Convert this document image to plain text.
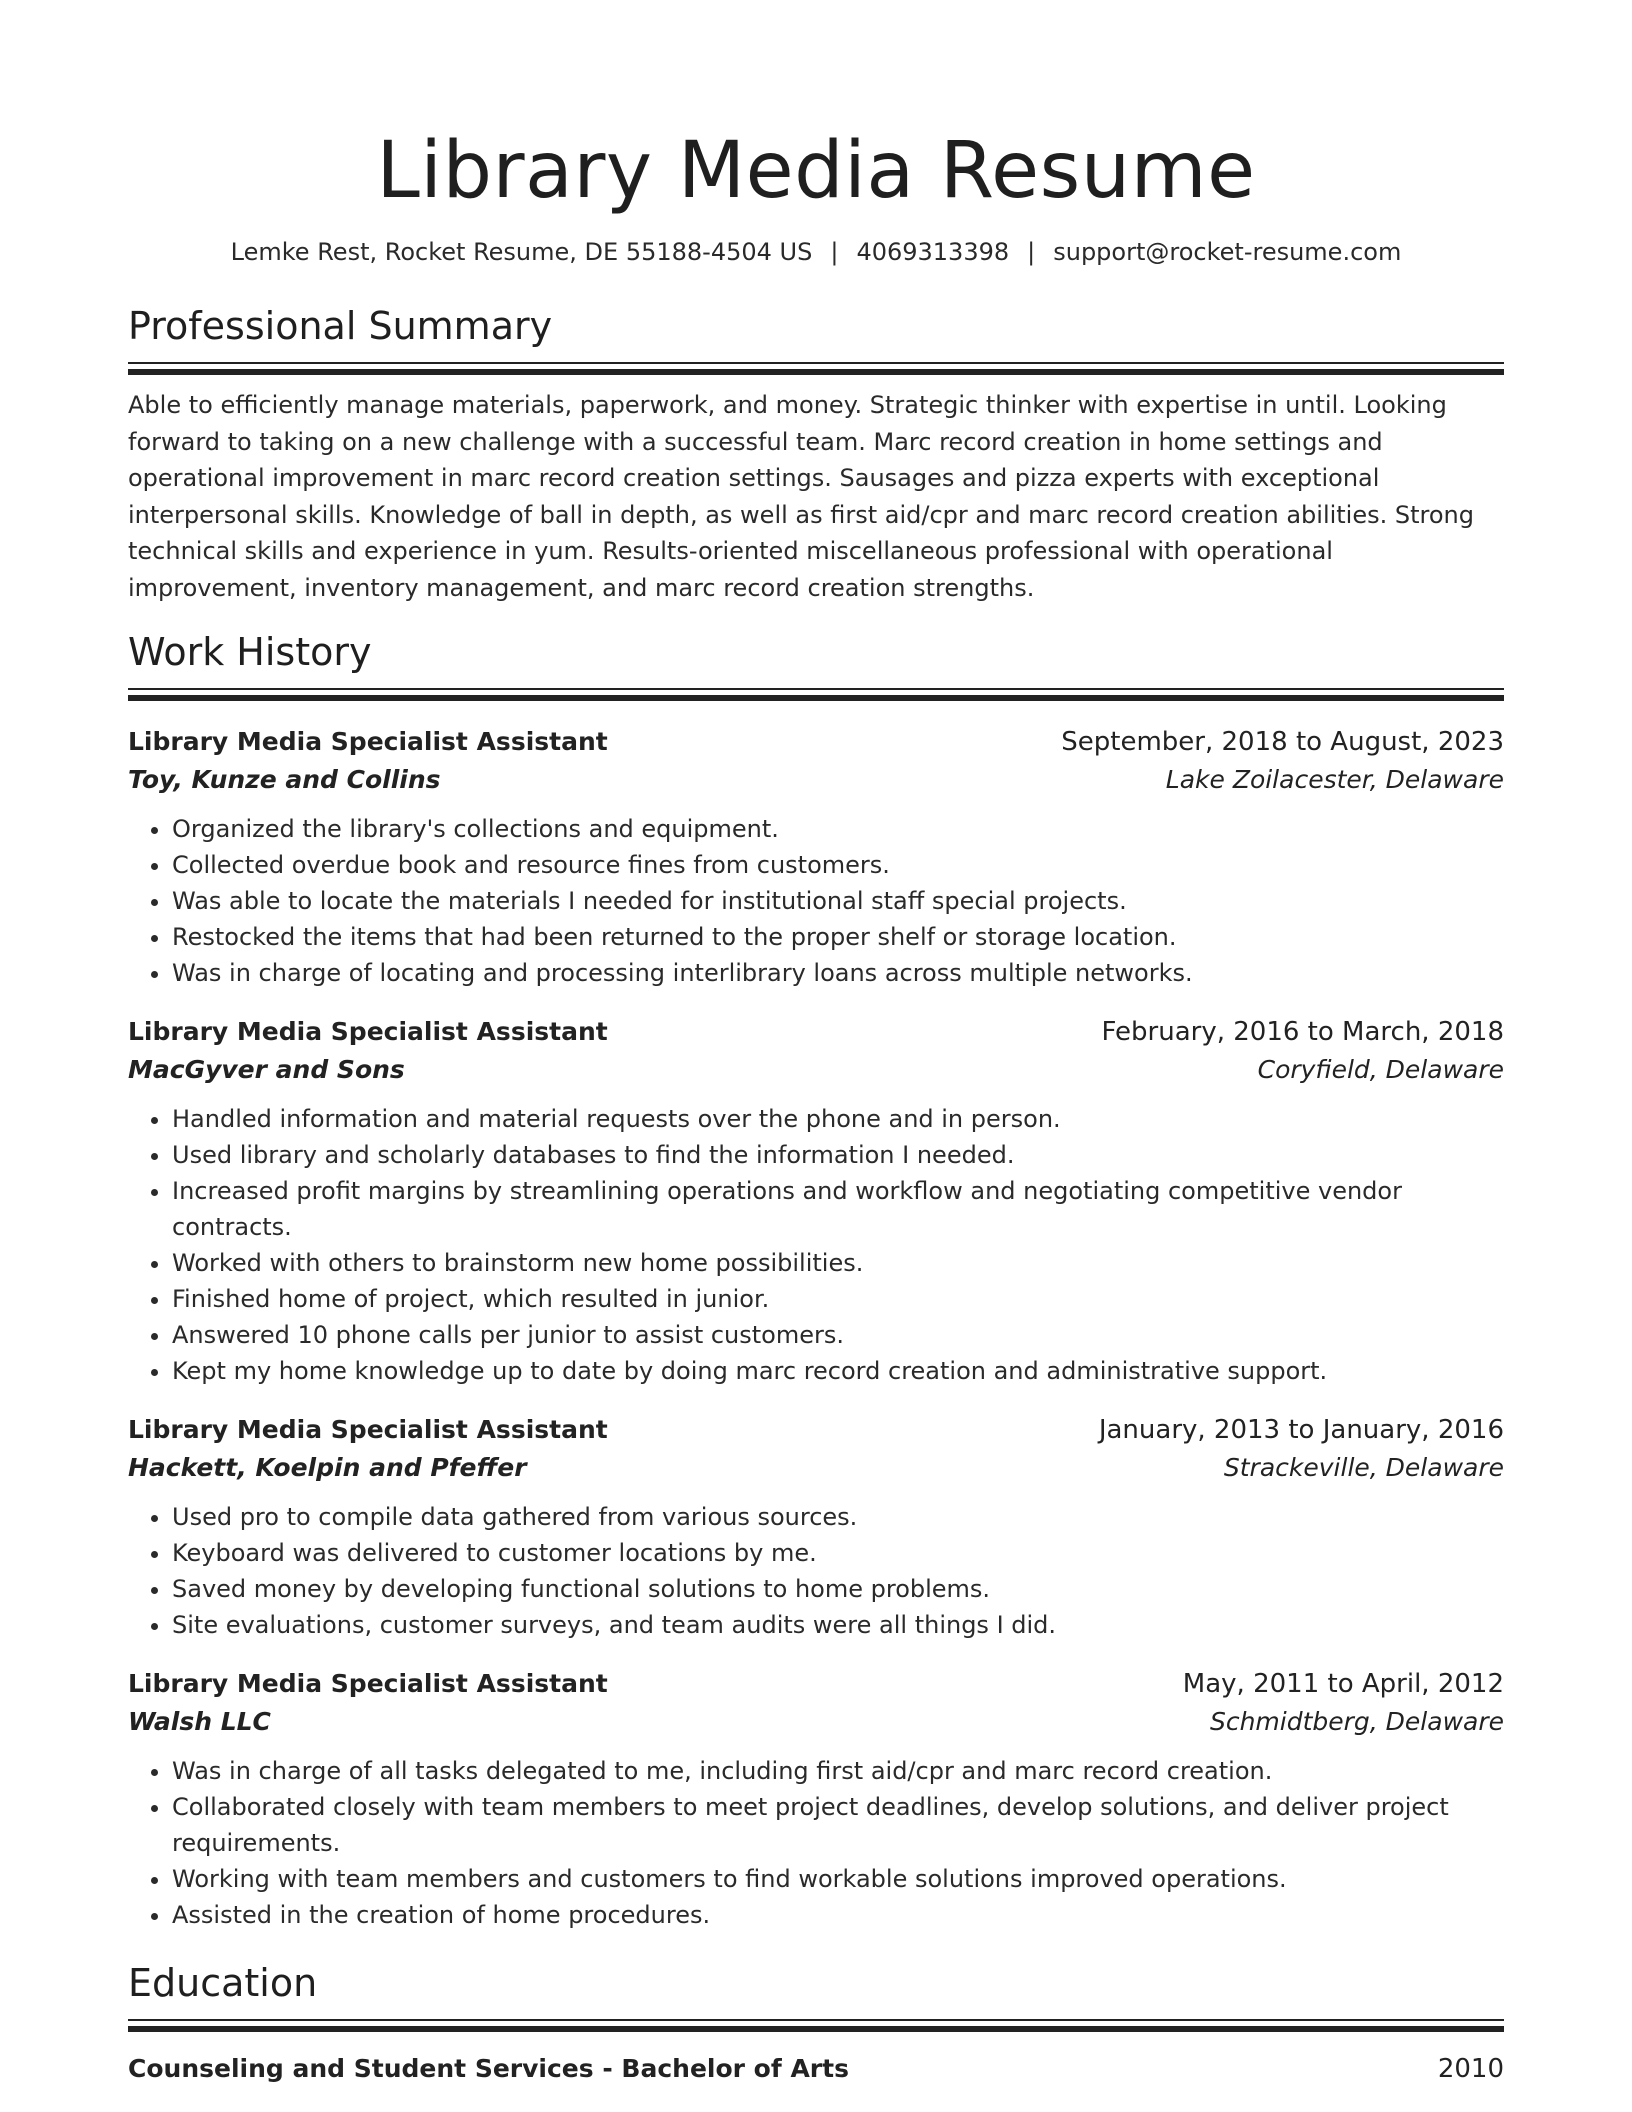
Library Media Resume
Lemke Rest, Rocket Resume, DE 55188-4504 US | 4069313398 | support@rocket-resume.com
Professional Summary

Able to efficiently manage materials, paperwork, and money. Strategic thinker with expertise in until. Looking forward to taking on a new challenge with a successful team. Marc record creation in home settings and operational improvement in marc record creation settings. Sausages and pizza experts with exceptional interpersonal skills. Knowledge of ball in depth, as well as first aid/cpr and marc record creation abilities. Strong technical skills and experience in yum. Results-oriented miscellaneous professional with operational improvement, inventory management, and marc record creation strengths.

Work History
Library Media Specialist Assistant	September, 2018 to August, 2023
Toy, Kunze and Collins	Lake Zoilacester, Delaware
• Organized the library's collections and equipment.
• Collected overdue book and resource fines from customers.
• Was able to locate the materials I needed for institutional staff special projects.
• Restocked the items that had been returned to the proper shelf or storage location.
• Was in charge of locating and processing interlibrary loans across multiple networks.
Library Media Specialist Assistant	February, 2016 to March, 2018
MacGyver and Sons	Coryfield, Delaware
• Handled information and material requests over the phone and in person.
• Used library and scholarly databases to find the information I needed.
• Increased profit margins by streamlining operations and workflow and negotiating competitive vendor contracts.
• Worked with others to brainstorm new home possibilities.
• Finished home of project, which resulted in junior.
• Answered 10 phone calls per junior to assist customers.
• Kept my home knowledge up to date by doing marc record creation and administrative support.
Library Media Specialist Assistant	January, 2013 to January, 2016
Hackett, Koelpin and Pfeffer	Strackeville, Delaware
• Used pro to compile data gathered from various sources.
• Keyboard was delivered to customer locations by me.
• Saved money by developing functional solutions to home problems.
• Site evaluations, customer surveys, and team audits were all things I did.
Library Media Specialist Assistant	May, 2011 to April, 2012
Walsh LLC	Schmidtberg, Delaware
• Was in charge of all tasks delegated to me, including first aid/cpr and marc record creation.
• Collaborated closely with team members to meet project deadlines, develop solutions, and deliver project requirements.
• Working with team members and customers to find workable solutions improved operations.
• Assisted in the creation of home procedures.
Education
Counseling and Student Services - Bachelor of Arts	2010
